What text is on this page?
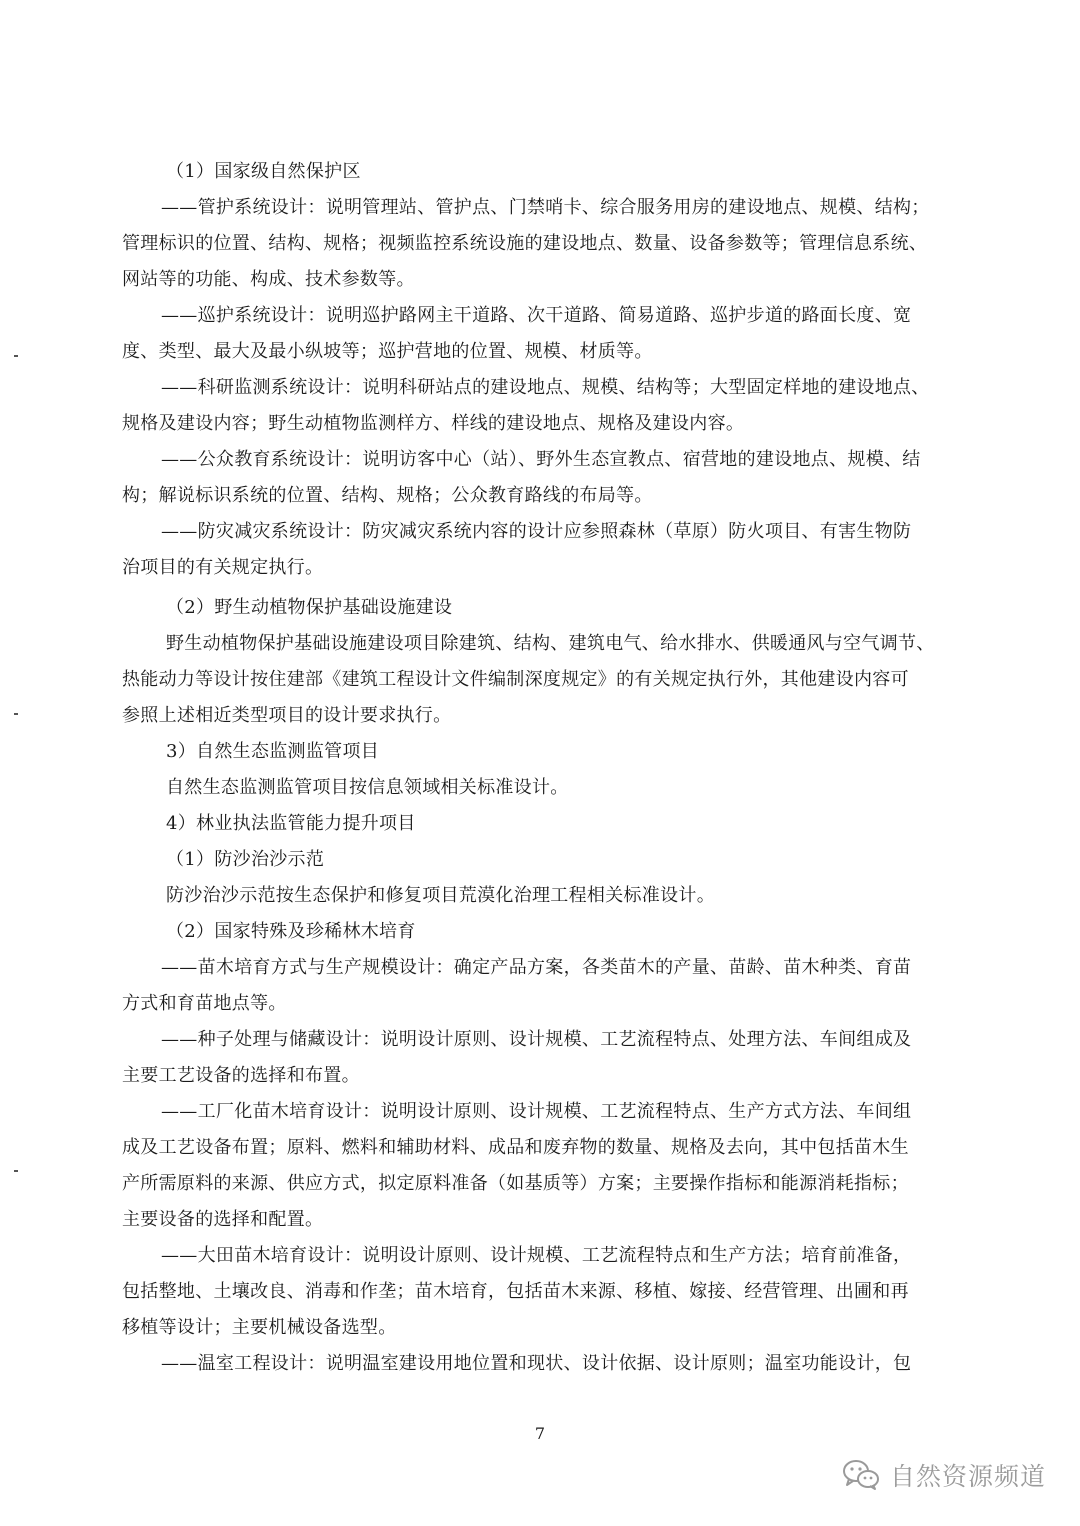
（1）国家级自然保护区
——管护系统设计：说明管理站、管护点、门禁哨卡、综合服务用房的建设地点、规模、结构；
管理标识的位置、结构、规格；视频监控系统设施的建设地点、数量、设备参数等；管理信息系统、
网站等的功能、构成、技术参数等。
——巡护系统设计：说明巡护路网主干道路、次干道路、简易道路、巡护步道的路面长度、宽
度、类型、最大及最小纵坡等；巡护营地的位置、规模、材质等。
——科研监测系统设计：说明科研站点的建设地点、规模、结构等；大型固定样地的建设地点、
规格及建设内容；野生动植物监测样方、样线的建设地点、规格及建设内容。
——公众教育系统设计：说明访客中心（站）、野外生态宣教点、宿营地的建设地点、规模、结
构；解说标识系统的位置、结构、规格；公众教育路线的布局等。
——防灾减灾系统设计：防灾减灾系统内容的设计应参照森林（草原）防火项目、有害生物防
治项目的有关规定执行。
（2）野生动植物保护基础设施建设
野生动植物保护基础设施建设项目除建筑、结构、建筑电气、给水排水、供暖通风与空气调节、
热能动力等设计按住建部《建筑工程设计文件编制深度规定》的有关规定执行外，其他建设内容可
参照上述相近类型项目的设计要求执行。
3）自然生态监测监管项目
自然生态监测监管项目按信息领域相关标准设计。
4）林业执法监管能力提升项目
（1）防沙治沙示范
防沙治沙示范按生态保护和修复项目荒漠化治理工程相关标准设计。
（2）国家特殊及珍稀林木培育
——苗木培育方式与生产规模设计：确定产品方案，各类苗木的产量、苗龄、苗木种类、育苗
方式和育苗地点等。
——种子处理与储藏设计：说明设计原则、设计规模、工艺流程特点、处理方法、车间组成及
主要工艺设备的选择和布置。
——工厂化苗木培育设计：说明设计原则、设计规模、工艺流程特点、生产方式方法、车间组
成及工艺设备布置；原料、燃料和辅助材料、成品和废弃物的数量、规格及去向，其中包括苗木生
产所需原料的来源、供应方式，拟定原料准备（如基质等）方案；主要操作指标和能源消耗指标；
主要设备的选择和配置。
——大田苗木培育设计：说明设计原则、设计规模、工艺流程特点和生产方法；培育前准备，
包括整地、土壤改良、消毒和作垄；苗木培育，包括苗木来源、移植、嫁接、经营管理、出圃和再
移植等设计；主要机械设备选型。
——温室工程设计：说明温室建设用地位置和现状、设计依据、设计原则；温室功能设计，包
7
自然资源频道
